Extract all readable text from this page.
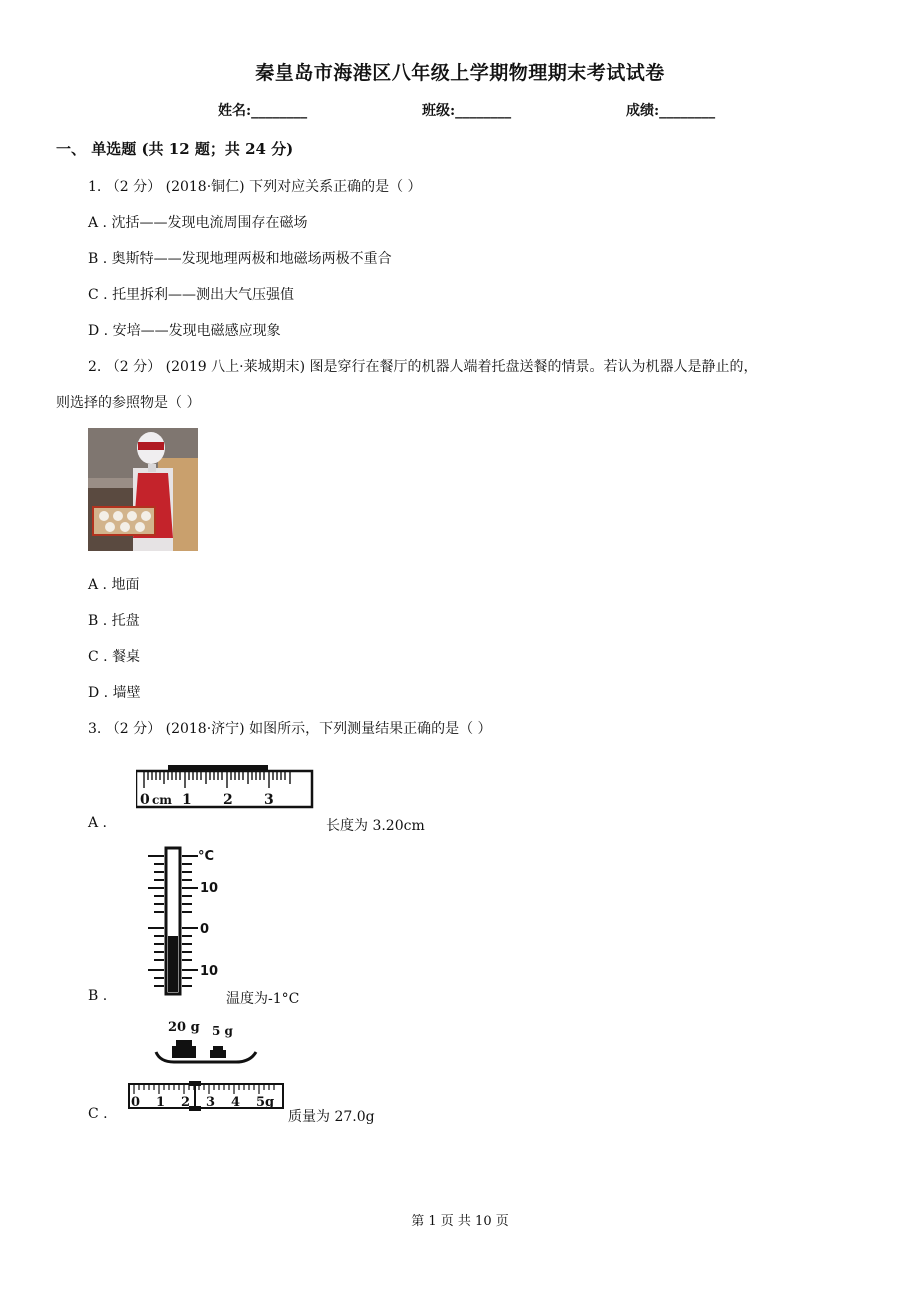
秦皇岛市海港区八年级上学期物理期末考试试卷
姓名:________	班级:________	成绩:________
一、 单选题 (共 12 题；共 24 分)
1. （2 分） (2018·铜仁) 下列对应关系正确的是（ ）
A . 沈括——发现电流周围存在磁场
B . 奥斯特——发现地理两极和地磁场两极不重合
C . 托里拆利——测出大气压强值
D . 安培——发现电磁感应现象
2. （2 分） (2019 八上·莱城期末) 图是穿行在餐厅的机器人端着托盘送餐的情景。若认为机器人是静止的，
则选择的参照物是（ ）
A . 地面
B . 托盘
C . 餐桌
D . 墙壁
3. （2 分） (2018·济宁) 如图所示，下列测量结果正确的是（ ）
0 cm 1 2 3
A .	长度为 3.20cm
°C
10
0
10
B .	温度为-1°C
20 g 5 g
0 1 2 3 4 5g
C .	质量为 27.0g
第 1 页 共 10 页
